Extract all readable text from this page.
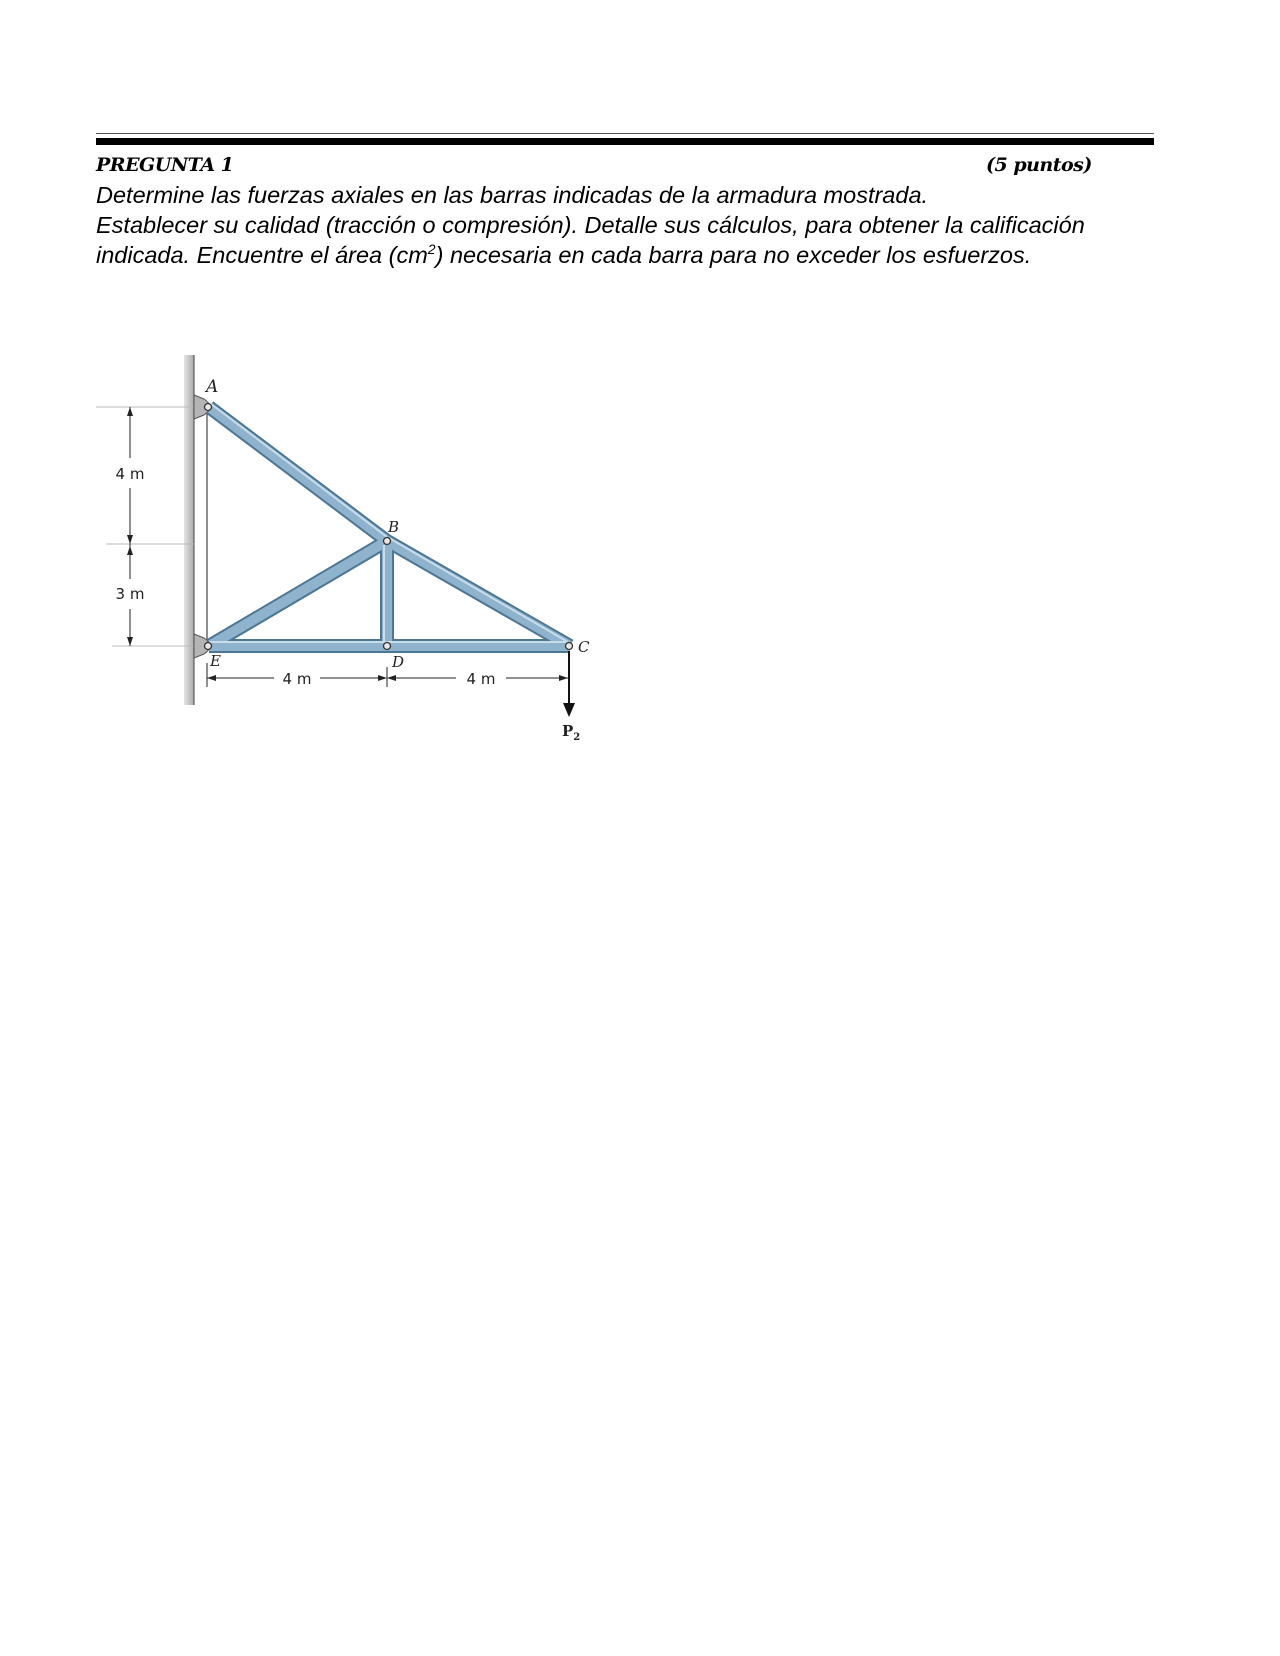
PREGUNTA 1	(5 puntos)

Determine las fuerzas axiales en las barras indicadas de la armadura mostrada.

Establecer su calidad (tracción o compresión). Detalle sus cálculos, para obtener la calificación

indicada. Encuentre el área $(cm^2)$ necesaria en cada barra para no exceder los esfuerzos.

4 m
3 m
A
B
C
D
E
4 m	4 m
$P_2$
